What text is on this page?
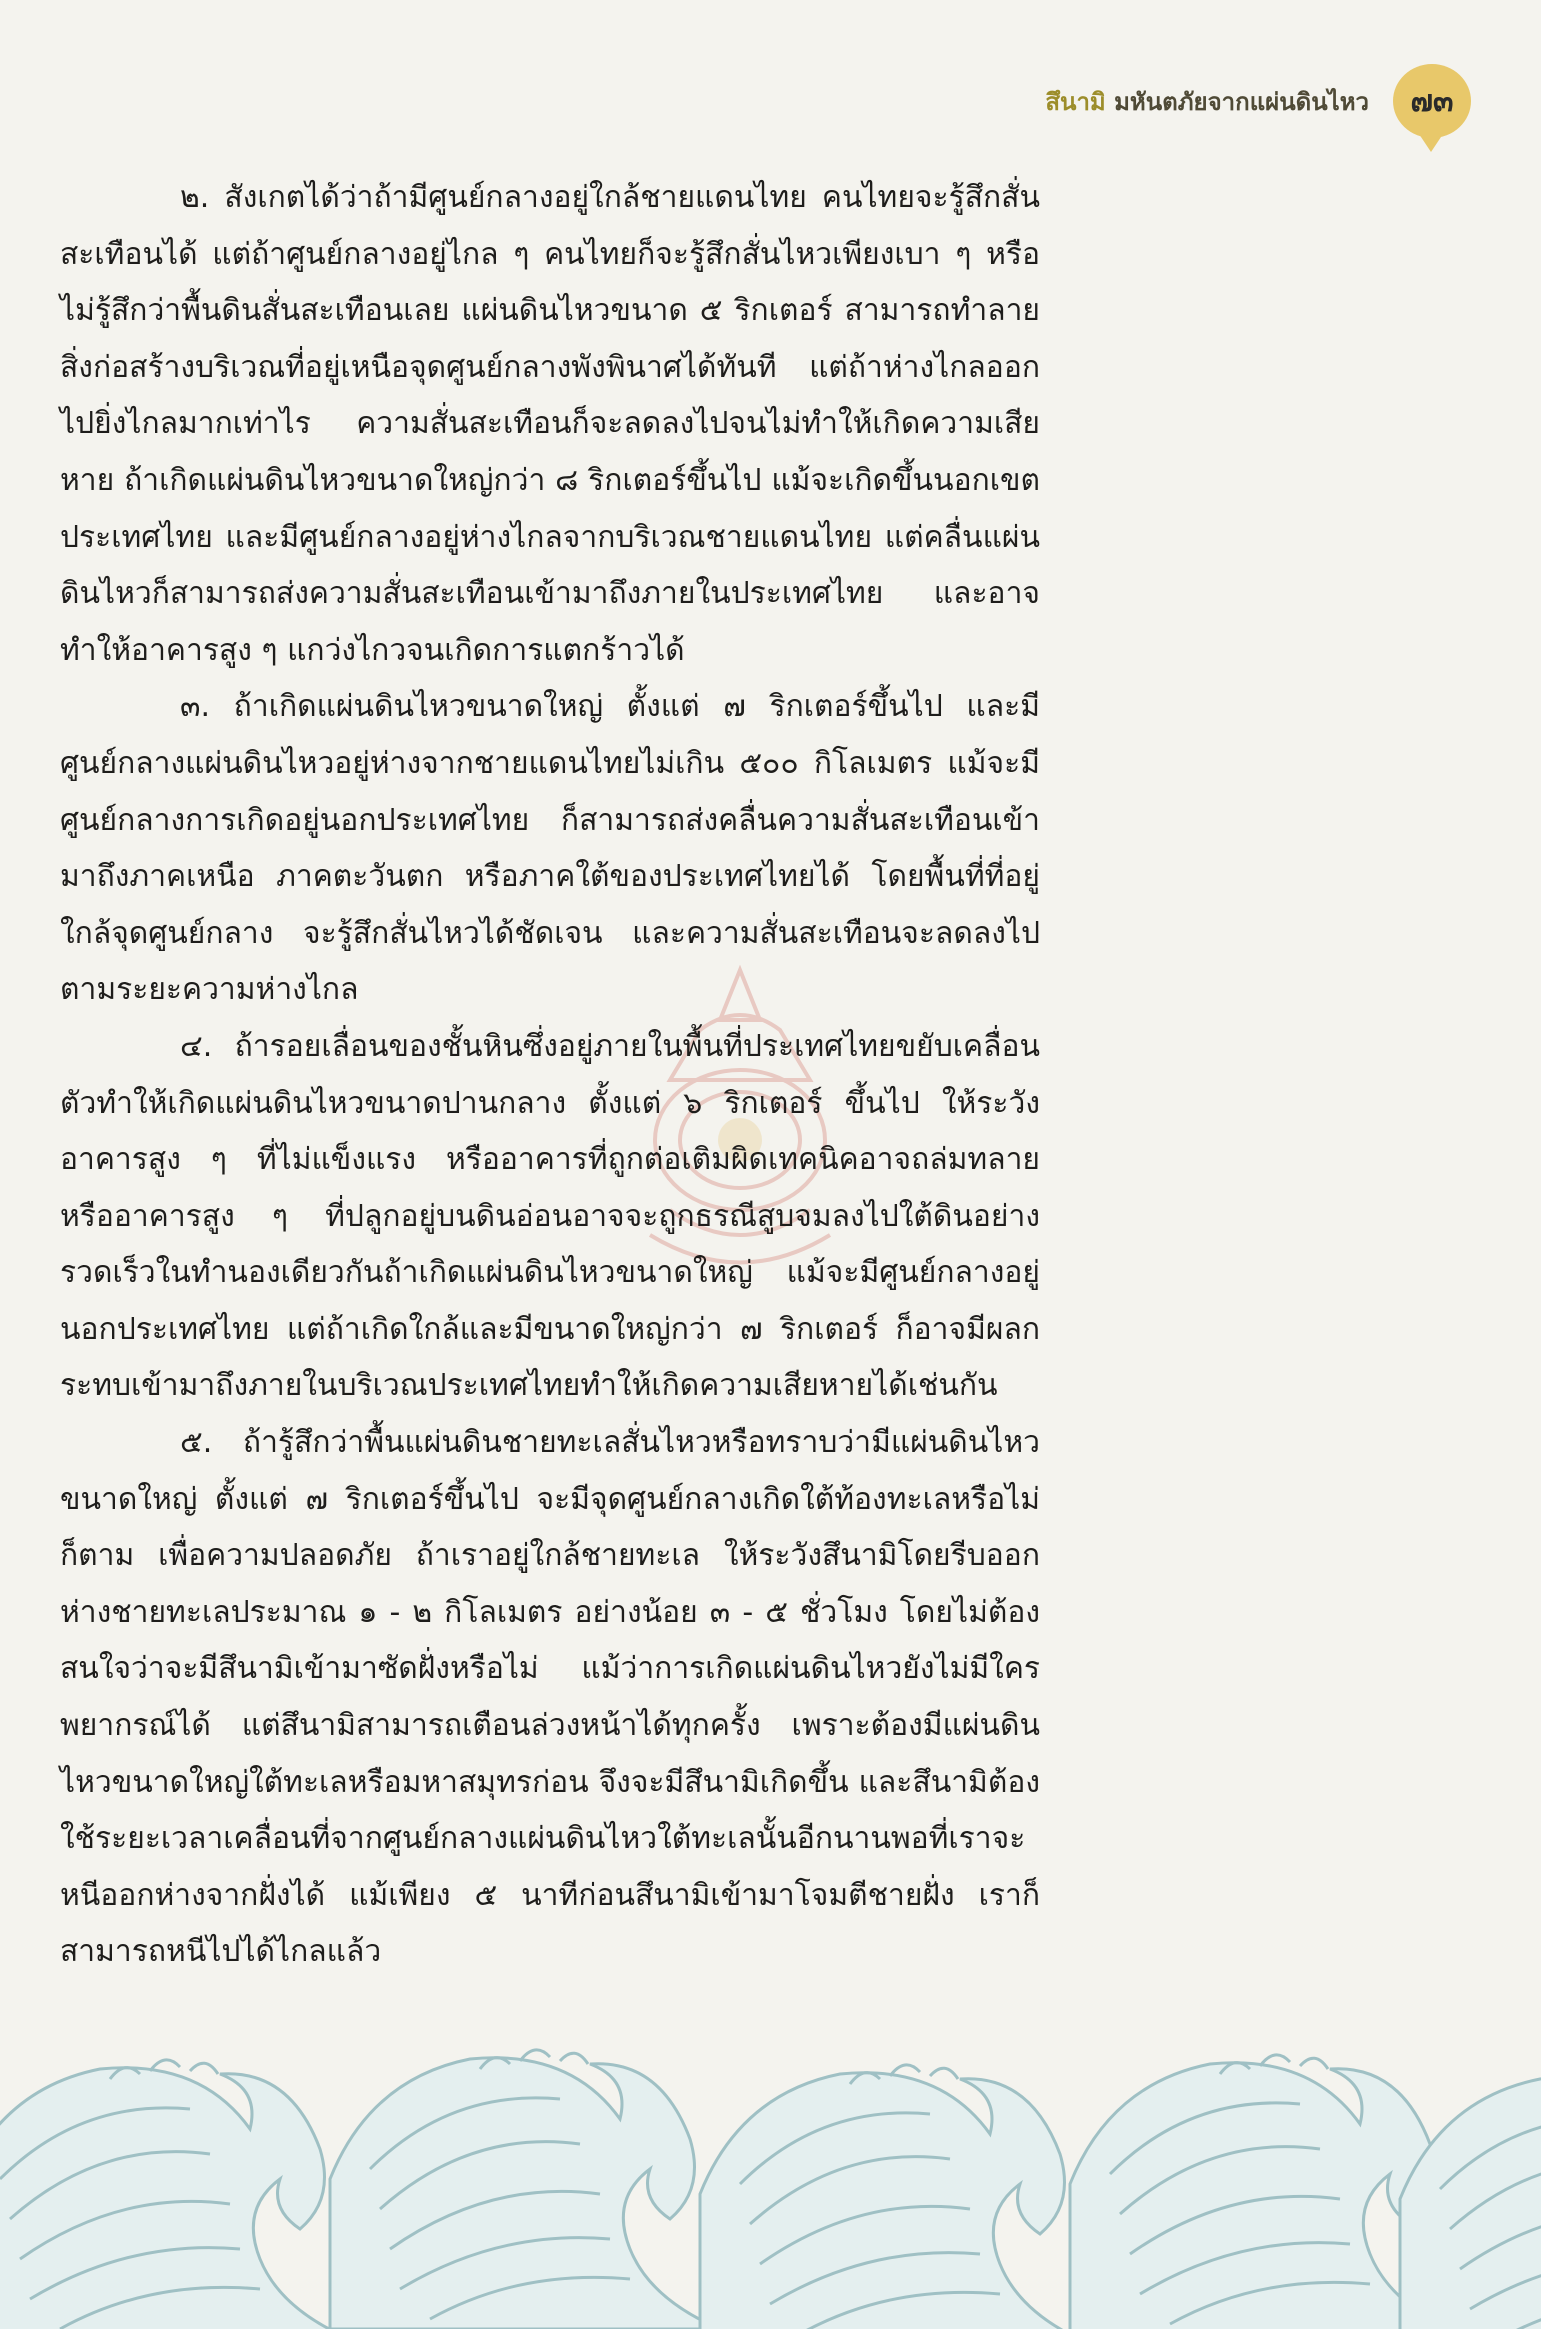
สึนามิ มหันตภัยจากแผ่นดินไหว ๗๓

๒. สังเกตได้ว่าถ้ามีศูนย์กลางอยู่ใกล้ชายแดนไทย คนไทยจะรู้สึกสั่นสะเทือนได้ แต่ถ้าศูนย์กลางอยู่ไกล ๆ คนไทยก็จะรู้สึกสั่นไหวเพียงเบา ๆ หรือไม่รู้สึกว่าพื้นดินสั่นสะเทือนเลย แผ่นดินไหวขนาด ๕ ริกเตอร์ สามารถทำลายสิ่งก่อสร้างบริเวณที่อยู่เหนือจุดศูนย์กลางพังพินาศได้ทันที แต่ถ้าห่างไกลออกไปยิ่งไกลมากเท่าไร ความสั่นสะเทือนก็จะลดลงไปจนไม่ทำให้เกิดความเสียหาย ถ้าเกิดแผ่นดินไหวขนาดใหญ่กว่า ๘ ริกเตอร์ขึ้นไป แม้จะเกิดขึ้นนอกเขตประเทศไทย และมีศูนย์กลางอยู่ห่างไกลจากบริเวณชายแดนไทย แต่คลื่นแผ่นดินไหวก็สามารถส่งความสั่นสะเทือนเข้ามาถึงภายในประเทศไทย และอาจทำให้อาคารสูง ๆ แกว่งไกวจนเกิดการแตกร้าวได้

๓. ถ้าเกิดแผ่นดินไหวขนาดใหญ่ ตั้งแต่ ๗ ริกเตอร์ขึ้นไป และมีศูนย์กลางแผ่นดินไหวอยู่ห่างจากชายแดนไทยไม่เกิน ๕๐๐ กิโลเมตร แม้จะมีศูนย์กลางการเกิดอยู่นอกประเทศไทย ก็สามารถส่งคลื่นความสั่นสะเทือนเข้ามาถึงภาคเหนือ ภาคตะวันตก หรือภาคใต้ของประเทศไทยได้ โดยพื้นที่ที่อยู่ใกล้จุดศูนย์กลาง จะรู้สึกสั่นไหวได้ชัดเจน และความสั่นสะเทือนจะลดลงไปตามระยะความห่างไกล

๔. ถ้ารอยเลื่อนของชั้นหินซึ่งอยู่ภายในพื้นที่ประเทศไทยขยับเคลื่อนตัวทำให้เกิดแผ่นดินไหวขนาดปานกลาง ตั้งแต่ ๖ ริกเตอร์ ขึ้นไป ให้ระวังอาคารสูง ๆ ที่ไม่แข็งแรง หรืออาคารที่ถูกต่อเติมผิดเทคนิคอาจถล่มทลาย หรืออาคารสูง ๆ ที่ปลูกอยู่บนดินอ่อนอาจจะถูกธรณีสูบจมลงไปใต้ดินอย่างรวดเร็วในทำนองเดียวกันถ้าเกิดแผ่นดินไหวขนาดใหญ่ แม้จะมีศูนย์กลางอยู่นอกประเทศไทย แต่ถ้าเกิดใกล้และมีขนาดใหญ่กว่า ๗ ริกเตอร์ ก็อาจมีผลกระทบเข้ามาถึงภายในบริเวณประเทศไทยทำให้เกิดความเสียหายได้เช่นกัน

๕. ถ้ารู้สึกว่าพื้นแผ่นดินชายทะเลสั่นไหวหรือทราบว่ามีแผ่นดินไหวขนาดใหญ่ ตั้งแต่ ๗ ริกเตอร์ขึ้นไป จะมีจุดศูนย์กลางเกิดใต้ท้องทะเลหรือไม่ก็ตาม เพื่อความปลอดภัย ถ้าเราอยู่ใกล้ชายทะเล ให้ระวังสึนามิโดยรีบออกห่างชายทะเลประมาณ ๑ - ๒ กิโลเมตร อย่างน้อย ๓ - ๕ ชั่วโมง โดยไม่ต้องสนใจว่าจะมีสึนามิเข้ามาซัดฝั่งหรือไม่ แม้ว่าการเกิดแผ่นดินไหวยังไม่มีใครพยากรณ์ได้ แต่สึนามิสามารถเตือนล่วงหน้าได้ทุกครั้ง เพราะต้องมีแผ่นดินไหวขนาดใหญ่ใต้ทะเลหรือมหาสมุทรก่อน จึงจะมีสึนามิเกิดขึ้น และสึนามิต้องใช้ระยะเวลาเคลื่อนที่จากศูนย์กลางแผ่นดินไหวใต้ทะเลนั้นอีกนานพอที่เราจะหนีออกห่างจากฝั่งได้ แม้เพียง ๕ นาทีก่อนสึนามิเข้ามาโจมตีชายฝั่ง เราก็สามารถหนีไปได้ไกลแล้ว
